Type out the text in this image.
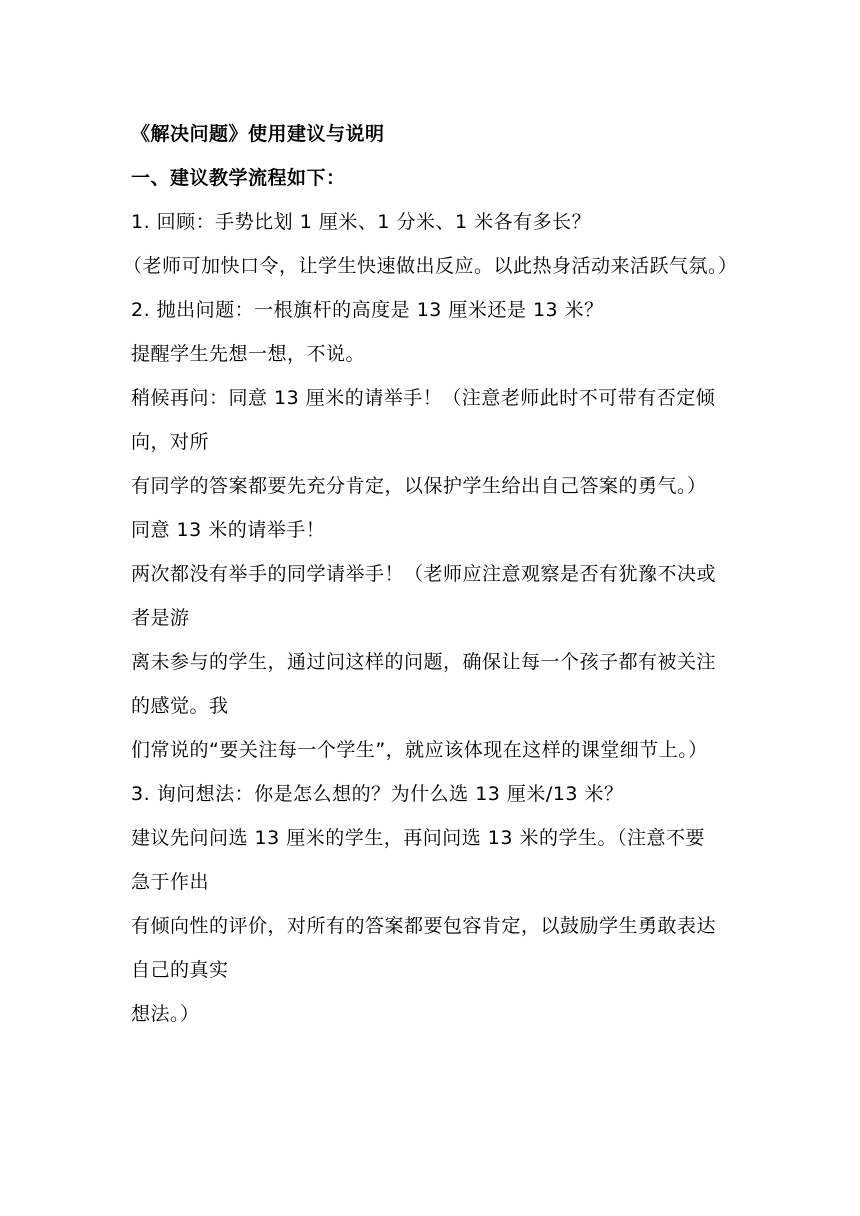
《解决问题》使用建议与说明
一、建议教学流程如下：
1. 回顾：手势比划 1 厘米、1 分米、1 米各有多长？
（老师可加快口令，让学生快速做出反应。以此热身活动来活跃气氛。）
2. 抛出问题：一根旗杆的高度是 13 厘米还是 13 米？
提醒学生先想一想，不说。
稍候再问：同意 13 厘米的请举手！（注意老师此时不可带有否定倾
向，对所
有同学的答案都要先充分肯定，以保护学生给出自己答案的勇气。）
同意 13 米的请举手！
两次都没有举手的同学请举手！（老师应注意观察是否有犹豫不决或
者是游
离未参与的学生，通过问这样的问题，确保让每一个孩子都有被关注
的感觉。我
们常说的“要关注每一个学生”，就应该体现在这样的课堂细节上。）
3. 询问想法：你是怎么想的？为什么选 13 厘米/13 米？
建议先问问选 13 厘米的学生，再问问选 13 米的学生。（注意不要
急于作出
有倾向性的评价，对所有的答案都要包容肯定，以鼓励学生勇敢表达
自己的真实
想法。）
